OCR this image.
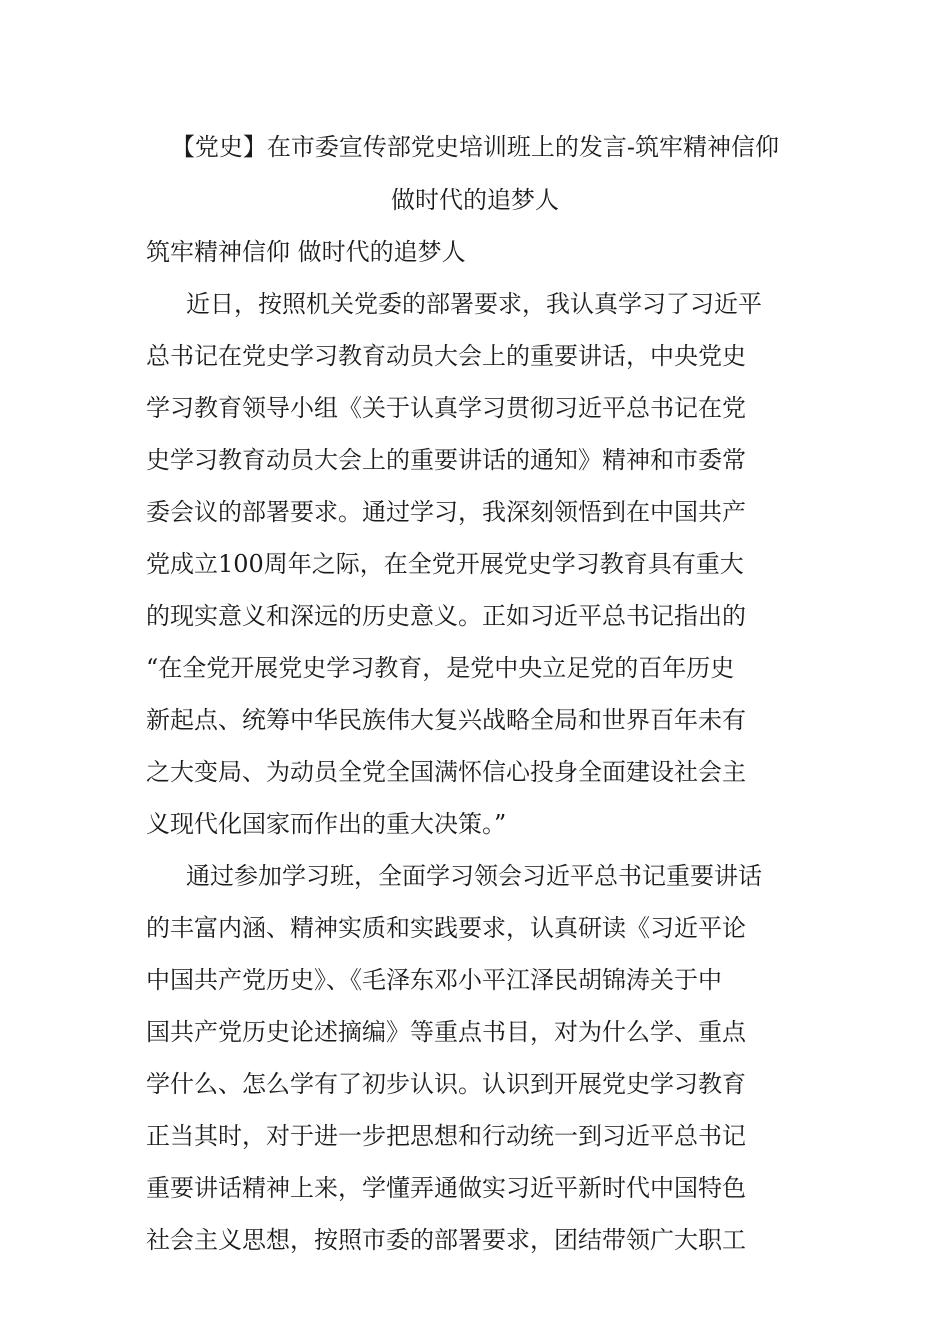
【党史】在市委宣传部党史培训班上的发言-筑牢精神信仰
做时代的追梦人
筑牢精神信仰 做时代的追梦人
近日，按照机关党委的部署要求，我认真学习了习近平
总书记在党史学习教育动员大会上的重要讲话，中央党史
学习教育领导小组《关于认真学习贯彻习近平总书记在党
史学习教育动员大会上的重要讲话的通知》精神和市委常
委会议的部署要求。通过学习，我深刻领悟到在中国共产
党成立100周年之际，在全党开展党史学习教育具有重大
的现实意义和深远的历史意义。正如习近平总书记指出的
“在全党开展党史学习教育，是党中央立足党的百年历史
新起点、统筹中华民族伟大复兴战略全局和世界百年未有
之大变局、为动员全党全国满怀信心投身全面建设社会主
义现代化国家而作出的重大决策。”
通过参加学习班，全面学习领会习近平总书记重要讲话
的丰富内涵、精神实质和实践要求，认真研读《习近平论
中国共产党历史》、《毛泽东邓小平江泽民胡锦涛关于中
国共产党历史论述摘编》等重点书目，对为什么学、重点
学什么、怎么学有了初步认识。认识到开展党史学习教育
正当其时，对于进一步把思想和行动统一到习近平总书记
重要讲话精神上来，学懂弄通做实习近平新时代中国特色
社会主义思想，按照市委的部署要求，团结带领广大职工
